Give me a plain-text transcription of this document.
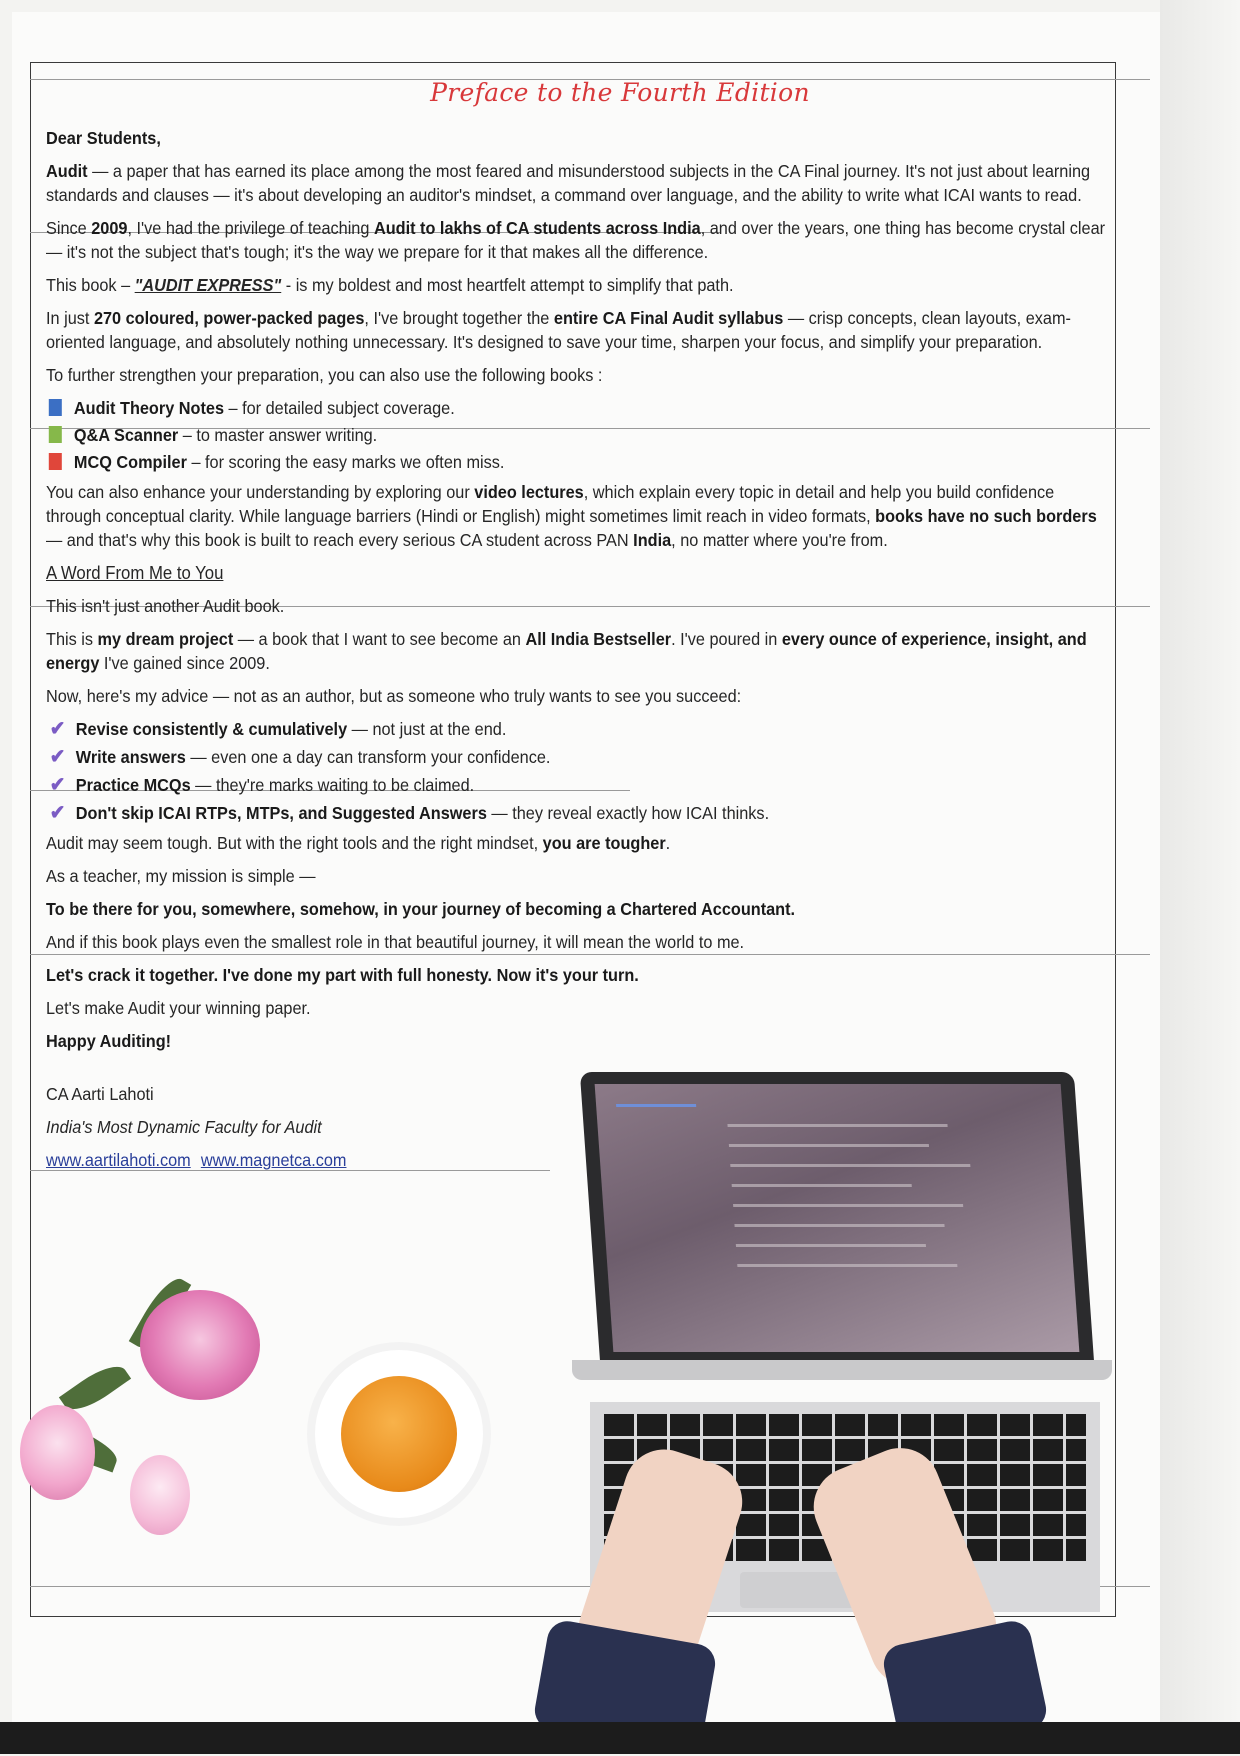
Preface to the Fourth Edition

Dear Students,

Audit — a paper that has earned its place among the most feared and misunderstood subjects in the CA Final journey. It's not just about learning standards and clauses — it's about developing an auditor's mindset, a command over language, and the ability to write what ICAI wants to read.

Since 2009, I've had the privilege of teaching Audit to lakhs of CA students across India, and over the years, one thing has become crystal clear — it's not the subject that's tough; it's the way we prepare for it that makes all the difference.

This book – "AUDIT EXPRESS" - is my boldest and most heartfelt attempt to simplify that path.

In just 270 coloured, power-packed pages, I've brought together the entire CA Final Audit syllabus — crisp concepts, clean layouts, exam-oriented language, and absolutely nothing unnecessary. It's designed to save your time, sharpen your focus, and simplify your preparation.

To further strengthen your preparation, you can also use the following books :

Audit Theory Notes – for detailed subject coverage.
Q&A Scanner – to master answer writing.
MCQ Compiler – for scoring the easy marks we often miss.

You can also enhance your understanding by exploring our video lectures, which explain every topic in detail and help you build confidence through conceptual clarity. While language barriers (Hindi or English) might sometimes limit reach in video formats, books have no such borders — and that's why this book is built to reach every serious CA student across PAN India, no matter where you're from.

A Word From Me to You

This isn't just another Audit book.

This is my dream project — a book that I want to see become an All India Bestseller. I've poured in every ounce of experience, insight, and energy I've gained since 2009.

Now, here's my advice — not as an author, but as someone who truly wants to see you succeed:

✔ Revise consistently & cumulatively — not just at the end.
✔ Write answers — even one a day can transform your confidence.
✔ Practice MCQs — they're marks waiting to be claimed.
✔ Don't skip ICAI RTPs, MTPs, and Suggested Answers — they reveal exactly how ICAI thinks.

Audit may seem tough. But with the right tools and the right mindset, you are tougher.

As a teacher, my mission is simple —

To be there for you, somewhere, somehow, in your journey of becoming a Chartered Accountant.

And if this book plays even the smallest role in that beautiful journey, it will mean the world to me.

Let's crack it together. I've done my part with full honesty. Now it's your turn.

Let's make Audit your winning paper.

Happy Auditing!

CA Aarti Lahoti

India's Most Dynamic Faculty for Audit

www.aartilahoti.com www.magnetca.com
